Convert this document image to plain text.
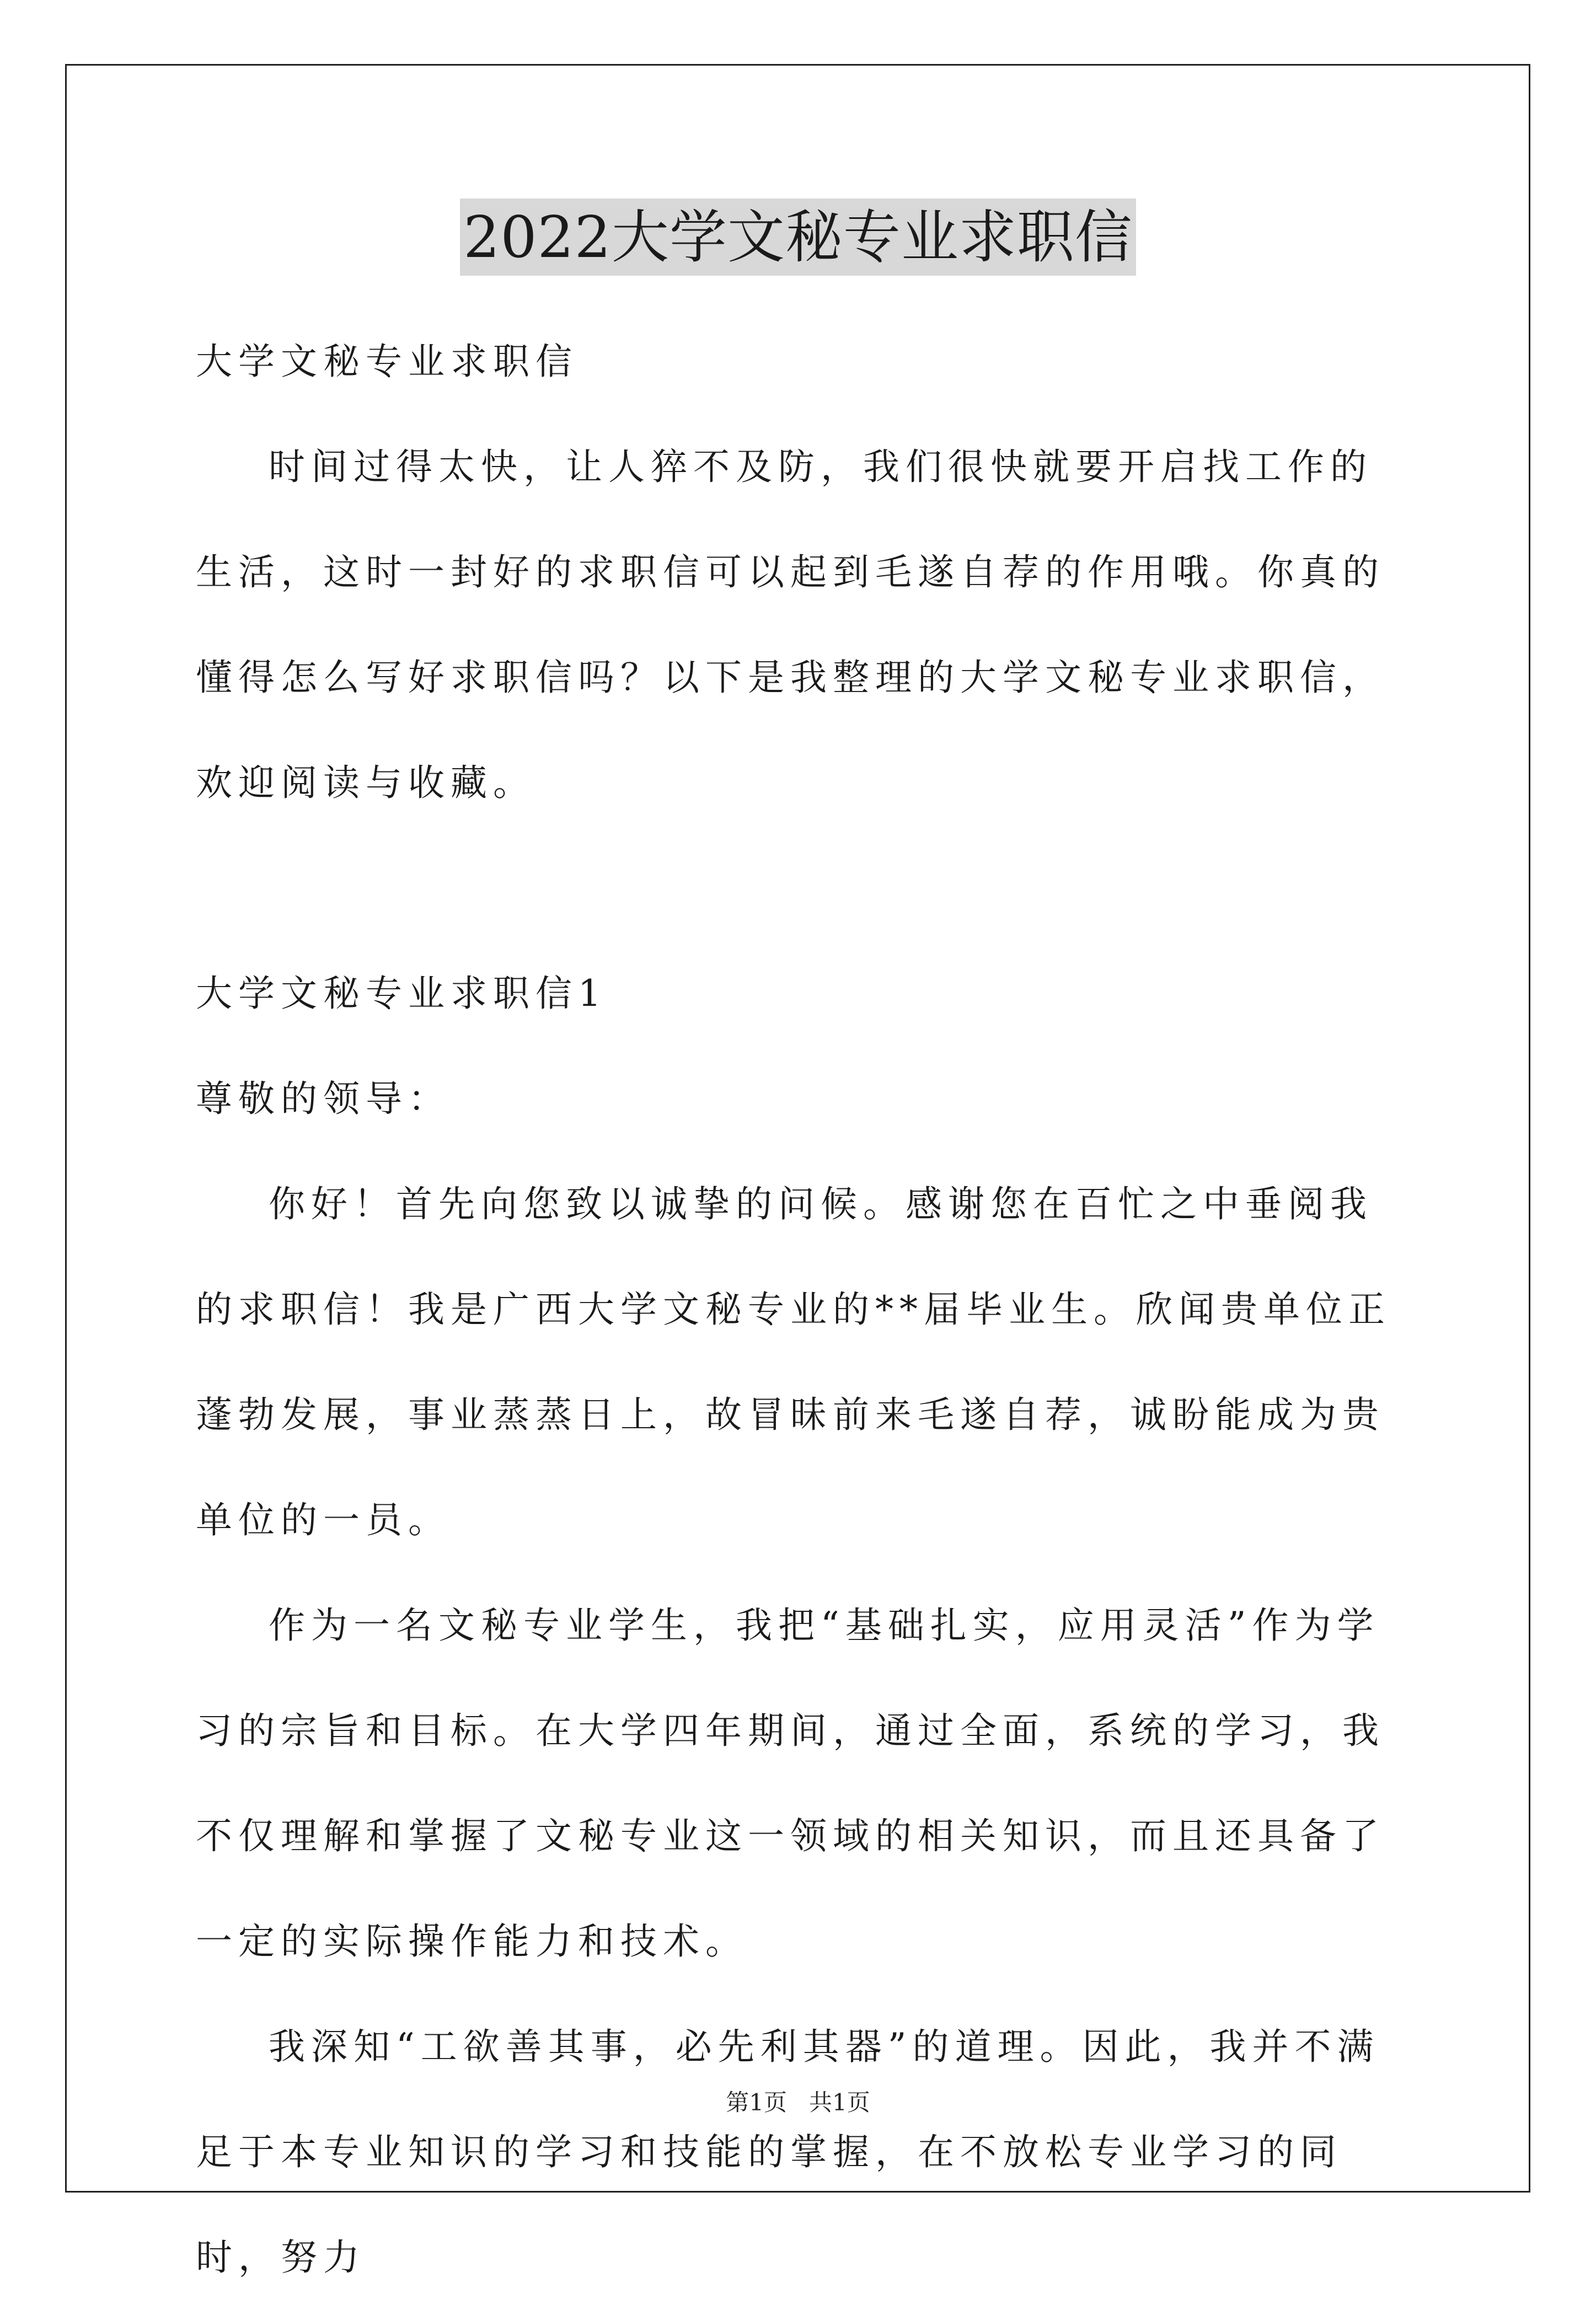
2022大学文秘专业求职信

大学文秘专业求职信

时间过得太快，让人猝不及防，我们很快就要开启找工作的生活，这时一封好的求职信可以起到毛遂自荐的作用哦。你真的懂得怎么写好求职信吗？以下是我整理的大学文秘专业求职信，欢迎阅读与收藏。

大学文秘专业求职信1

尊敬的领导：

你好！首先向您致以诚挚的问候。感谢您在百忙之中垂阅我的求职信！我是广西大学文秘专业的**届毕业生。欣闻贵单位正蓬勃发展，事业蒸蒸日上，故冒昧前来毛遂自荐，诚盼能成为贵单位的一员。

作为一名文秘专业学生，我把“基础扎实，应用灵活”作为学习的宗旨和目标。在大学四年期间，通过全面，系统的学习，我不仅理解和掌握了文秘专业这一领域的相关知识，而且还具备了一定的实际操作能力和技术。

我深知“工欲善其事，必先利其器”的道理。因此，我并不满足于本专业知识的学习和技能的掌握，在不放松专业学习的同时，努力

第1页 共1页
